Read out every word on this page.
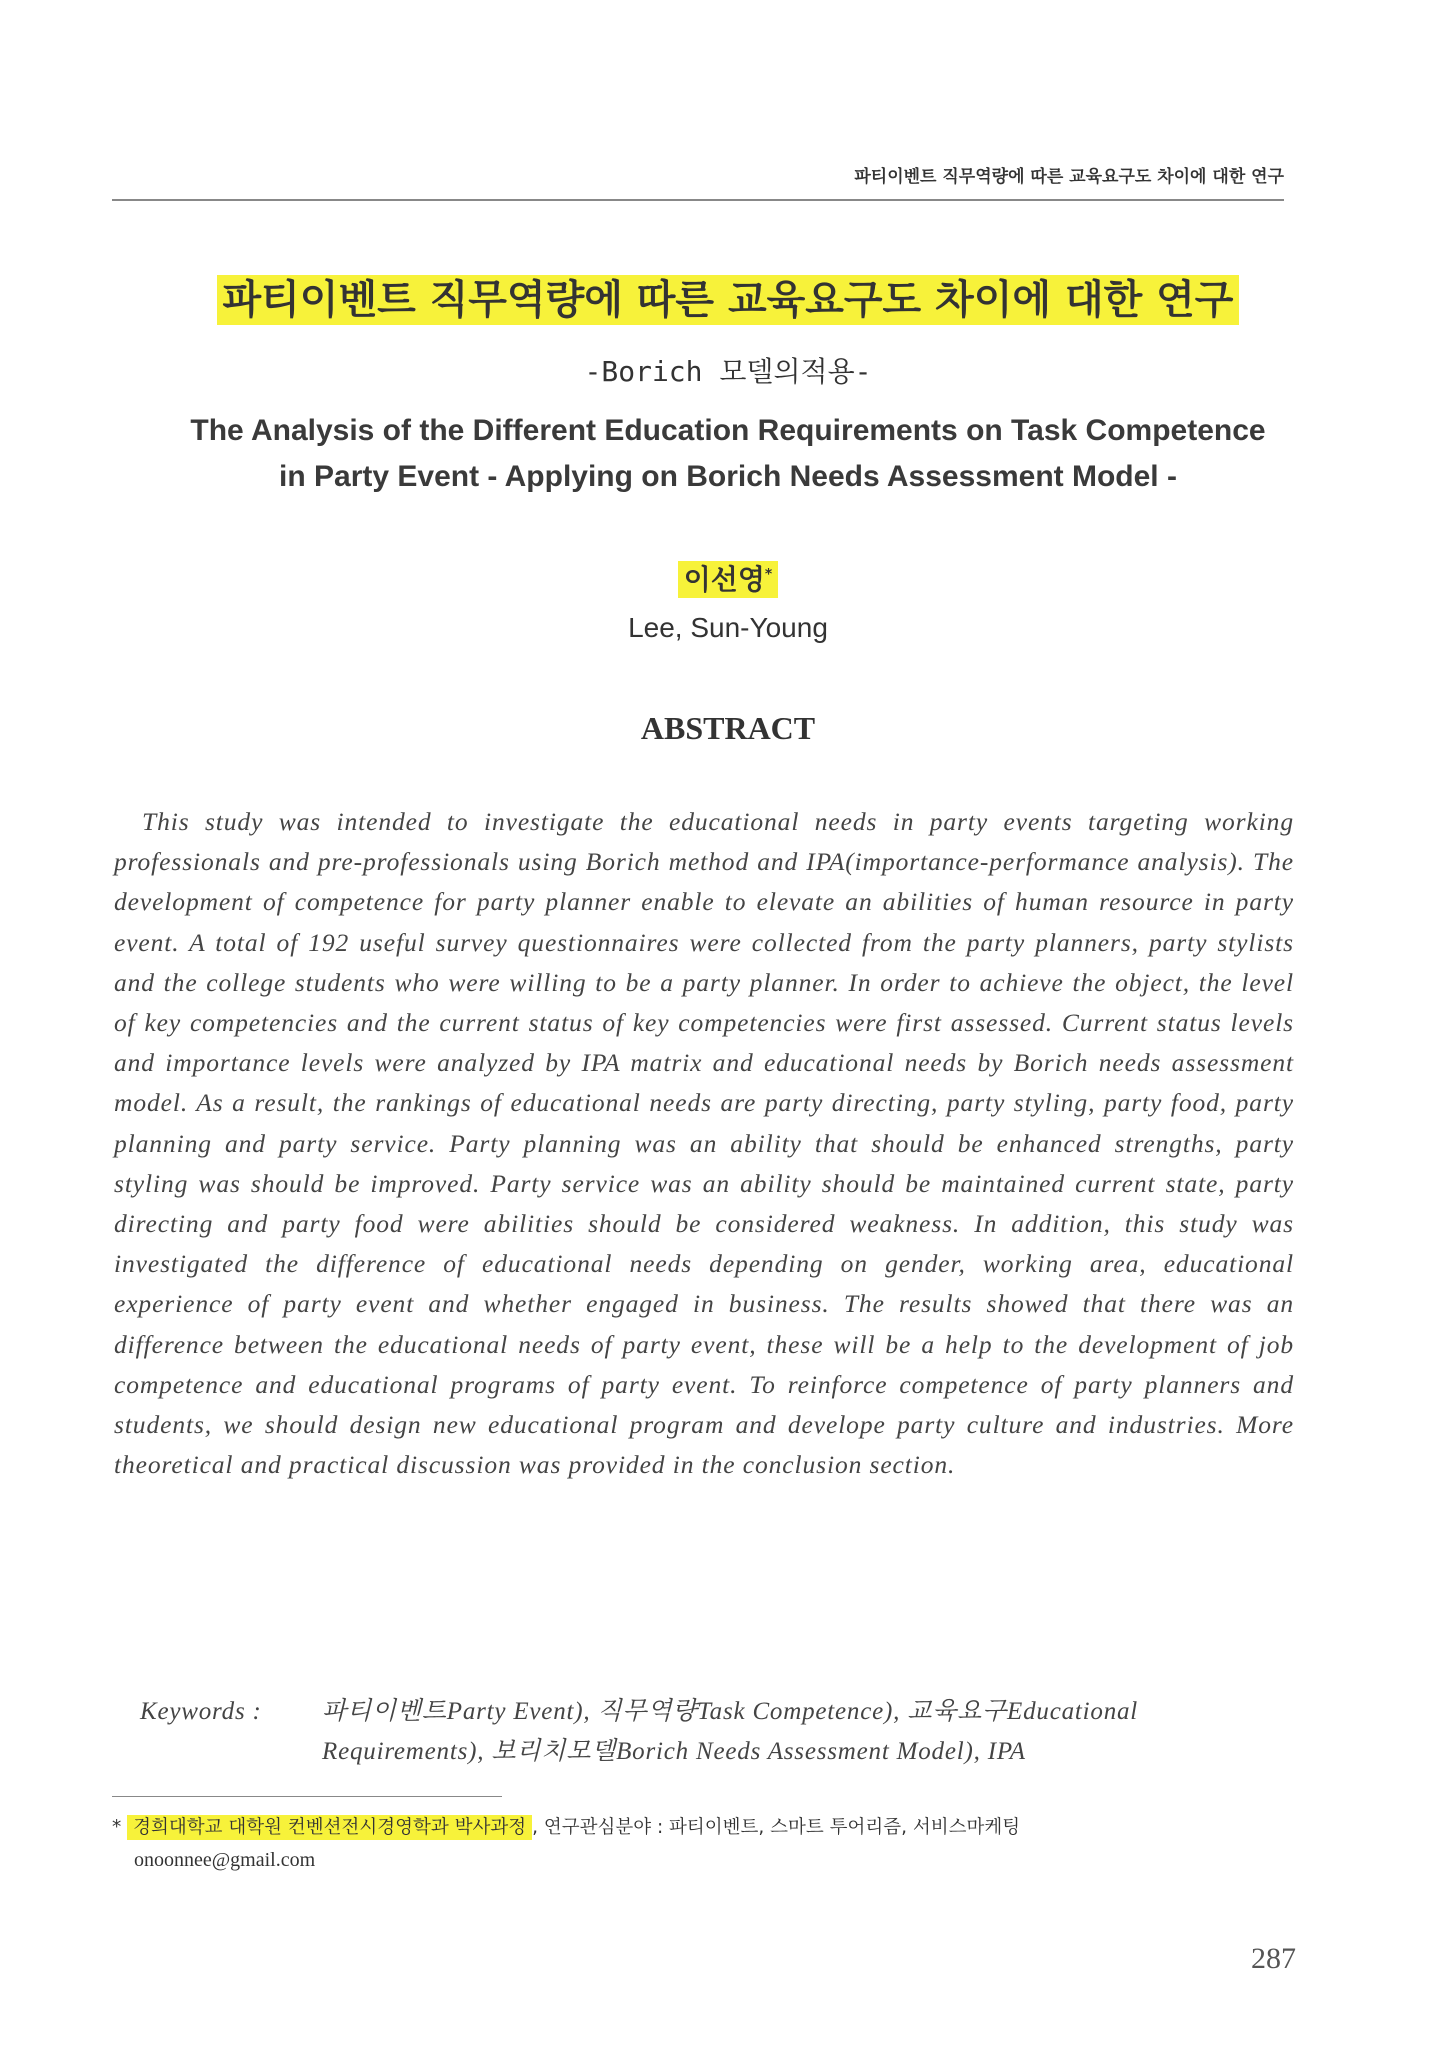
파티이벤트 직무역량에 따른 교육요구도 차이에 대한 연구
파티이벤트 직무역량에 따른 교육요구도 차이에 대한 연구
-Borich 모델의적용-
The Analysis of the Different Education Requirements on Task Competence
in Party Event - Applying on Borich Needs Assessment Model -
이선영*
Lee, Sun-Young
ABSTRACT
This study was intended to investigate the educational needs in party events targeting working professionals and pre-professionals using Borich method and IPA(importance-performance analysis). The development of competence for party planner enable to elevate an abilities of human resource in party event. A total of 192 useful survey questionnaires were collected from the party planners, party stylists and the college students who were willing to be a party planner. In order to achieve the object, the level of key competencies and the current status of key competencies were first assessed. Current status levels and importance levels were analyzed by IPA matrix and educational needs by Borich needs assessment model. As a result, the rankings of educational needs are party directing, party styling, party food, party planning and party service. Party planning was an ability that should be enhanced strengths, party styling was should be improved. Party service was an ability should be maintained current state, party directing and party food were abilities should be considered weakness. In addition, this study was investigated the difference of educational needs depending on gender, working area, educational experience of party event and whether engaged in business. The results showed that there was an difference between the educational needs of party event, these will be a help to the development of job competence and educational programs of party event. To reinforce competence of party planners and students, we should design new educational program and develope party culture and industries. More theoretical and practical discussion was provided in the conclusion section.
Keywords :	파티이벤트Party Event), 직무역량Task Competence), 교육요구Educational Requirements), 보리치모델Borich Needs Assessment Model), IPA
* 경희대학교 대학원 컨벤션전시경영학과 박사과정 , 연구관심분야 : 파티이벤트, 스마트 투어리즘, 서비스마케팅
onoonnee@gmail.com
287
